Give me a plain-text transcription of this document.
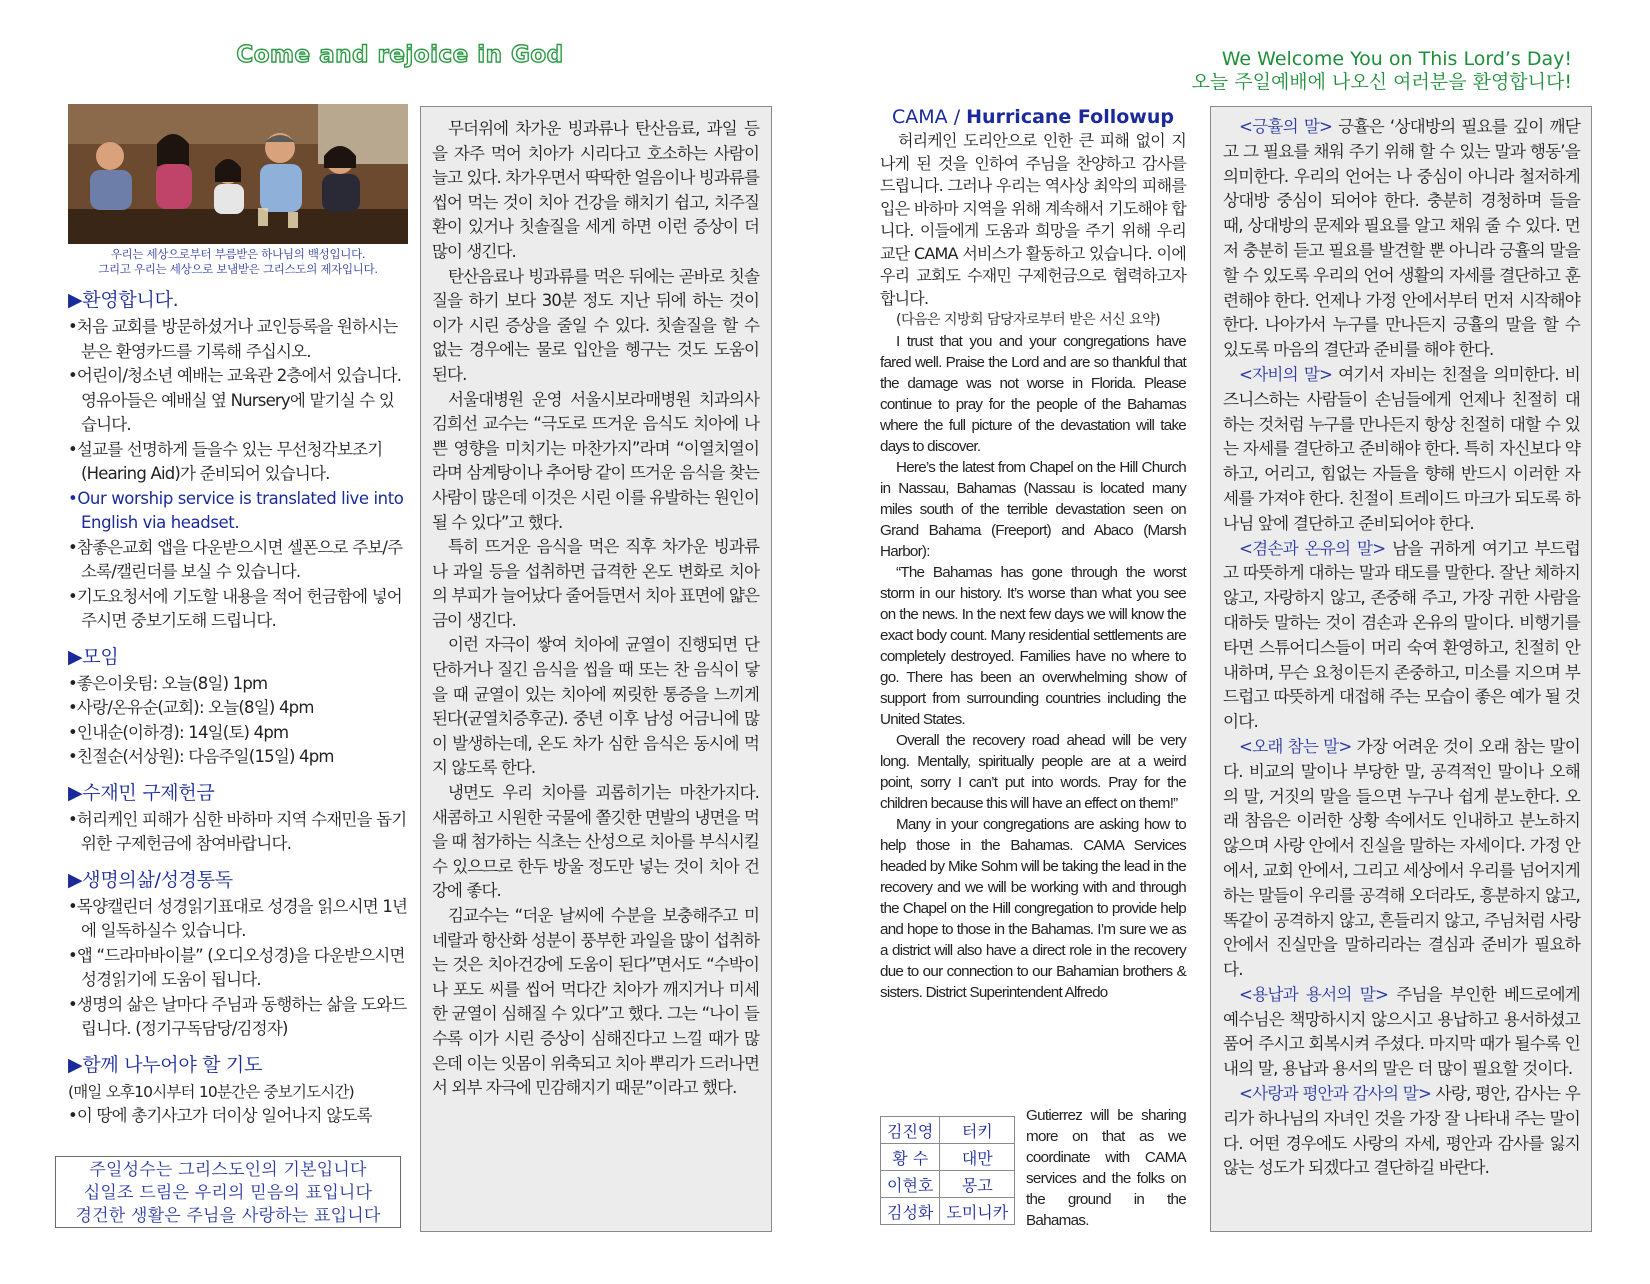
Come and rejoice in God	We Welcome You on This Lord’s Day!
오늘 주일예배에 나오신 여러분을 환영합니다!
우리는 세상으로부터 부름받은 하나님의 백성입니다.
그리고 우리는 세상으로 보냄받은 그리스도의 제자입니다.
▶환영합니다.
•처음 교회를 방문하셨거나 교인등록을 원하시는 분은 환영카드를 기록해 주십시오.
•어린이/청소년 예배는 교육관 2층에서 있습니다. 영유아들은 예배실 옆 Nursery에 맡기실 수 있습니다.
•설교를 선명하게 들을수 있는 무선청각보조기(Hearing Aid)가 준비되어 있습니다.
•Our worship service is translated live into English via headset.
•참좋은교회 앱을 다운받으시면 셀폰으로 주보/주소록/캘린더를 보실 수 있습니다.
•기도요청서에 기도할 내용을 적어 헌금함에 넣어 주시면 중보기도해 드립니다.
▶모임
•좋은이웃팀: 오늘(8일) 1pm
•사랑/온유순(교회): 오늘(8일) 4pm
•인내순(이하경): 14일(토) 4pm
•친절순(서상원): 다음주일(15일) 4pm
▶수재민 구제헌금
•허리케인 피해가 심한 바하마 지역 수재민을 돕기위한 구제헌금에 참여바랍니다.
▶생명의삶/성경통독
•목양캘린더 성경읽기표대로 성경을 읽으시면 1년에 일독하실수 있습니다.
•앱 “드라마바이블” (오디오성경)을 다운받으시면 성경읽기에 도움이 됩니다.
•생명의 삶은 날마다 주님과 동행하는 삶을 도와드립니다. (정기구독담당/김정자)
▶함께 나누어야 할 기도
(매일 오후10시부터 10분간은 중보기도시간)
•이 땅에 총기사고가 더이상 일어나지 않도록
주일성수는 그리스도인의 기본입니다
십일조 드림은 우리의 믿음의 표입니다
경건한 생활은 주님을 사랑하는 표입니다

무더위에 차가운 빙과류나 탄산음료, 과일 등을 자주 먹어 치아가 시리다고 호소하는 사람이 늘고 있다. 차가우면서 딱딱한 얼음이나 빙과류를 씹어 먹는 것이 치아 건강을 해치기 쉽고, 치주질환이 있거나 칫솔질을 세게 하면 이런 증상이 더 많이 생긴다.

탄산음료나 빙과류를 먹은 뒤에는 곧바로 칫솔질을 하기 보다 30분 정도 지난 뒤에 하는 것이 이가 시린 증상을 줄일 수 있다. 칫솔질을 할 수 없는 경우에는 물로 입안을 헹구는 것도 도움이 된다.

서울대병원 운영 서울시보라매병원 치과의사 김희선 교수는 “극도로 뜨거운 음식도 치아에 나쁜 영향을 미치기는 마찬가지”라며 “이열치열이라며 삼계탕이나 추어탕 같이 뜨거운 음식을 찾는 사람이 많은데 이것은 시린 이를 유발하는 원인이 될 수 있다”고 했다.

특히 뜨거운 음식을 먹은 직후 차가운 빙과류나 과일 등을 섭취하면 급격한 온도 변화로 치아의 부피가 늘어났다 줄어들면서 치아 표면에 얇은 금이 생긴다.

이런 자극이 쌓여 치아에 균열이 진행되면 단단하거나 질긴 음식을 씹을 때 또는 찬 음식이 닿을 때 균열이 있는 치아에 찌릿한 통증을 느끼게 된다(균열치증후군). 중년 이후 남성 어금니에 많이 발생하는데, 온도 차가 심한 음식은 동시에 먹지 않도록 한다.

냉면도 우리 치아를 괴롭히기는 마찬가지다. 새콤하고 시원한 국물에 쫄깃한 면발의 냉면을 먹을 때 첨가하는 식초는 산성으로 치아를 부식시킬 수 있으므로 한두 방울 정도만 넣는 것이 치아 건강에 좋다.

김교수는 “더운 날씨에 수분을 보충해주고 미네랄과 항산화 성분이 풍부한 과일을 많이 섭취하는 것은 치아건강에 도움이 된다”면서도 “수박이나 포도 씨를 씹어 먹다간 치아가 깨지거나 미세한 균열이 심해질 수 있다”고 했다. 그는 “나이 들수록 이가 시린 증상이 심해진다고 느낄 때가 많은데 이는 잇몸이 위축되고 치아 뿌리가 드러나면서 외부 자극에 민감해지기 때문”이라고 했다.

CAMA / Hurricane Followup

허리케인 도리안으로 인한 큰 피해 없이 지나게 된 것을 인하여 주님을 찬양하고 감사를 드립니다. 그러나 우리는 역사상 최악의 피해를 입은 바하마 지역을 위해 계속해서 기도해야 합니다. 이들에게 도움과 희망을 주기 위해 우리 교단 CAMA 서비스가 활동하고 있습니다. 이에 우리 교회도 수재민 구제헌금으로 협력하고자 합니다.

(다음은 지방회 담당자로부터 받은 서신 요약)

I trust that you and your congregations have fared well. Praise the Lord and are so thankful that the damage was not worse in Florida. Please continue to pray for the people of the Bahamas where the full picture of the devastation will take days to discover.

Here’s the latest from Chapel on the Hill Church in Nassau, Bahamas (Nassau is located many miles south of the terrible devastation seen on Grand Bahama (Freeport) and Abaco (Marsh Harbor):

“The Bahamas has gone through the worst storm in our history. It’s worse than what you see on the news. In the next few days we will know the exact body count. Many residential settlements are completely destroyed. Families have no where to go. There has been an overwhelming show of support from surrounding countries including the United States.

Overall the recovery road ahead will be very long. Mentally, spiritually people are at a weird point, sorry I can’t put into words. Pray for the children because this will have an effect on them!”

Many in your congregations are asking how to help those in the Bahamas. CAMA Services headed by Mike Sohm will be taking the lead in the recovery and we will be working with and through the Chapel on the Hill congregation to provide help and hope to those in the Bahamas. I’m sure we as a district will also have a direct role in the recovery due to our connection to our Bahamian brothers & sisters. District Superintendent Alfredo

김진영	터키
황 수	대만
이현호	몽고
김성화	도미니카
Gutierrez will be sharing more on that as we coordinate with CAMA services and the folks on the ground in the Bahamas.

<긍휼의 말> 긍휼은 ‘상대방의 필요를 깊이 깨닫고 그 필요를 채워 주기 위해 할 수 있는 말과 행동’을 의미한다. 우리의 언어는 나 중심이 아니라 철저하게 상대방 중심이 되어야 한다. 충분히 경청하며 들을 때, 상대방의 문제와 필요를 알고 채워 줄 수 있다. 먼저 충분히 듣고 필요를 발견할 뿐 아니라 긍휼의 말을 할 수 있도록 우리의 언어 생활의 자세를 결단하고 훈련해야 한다. 언제나 가정 안에서부터 먼저 시작해야 한다. 나아가서 누구를 만나든지 긍휼의 말을 할 수 있도록 마음의 결단과 준비를 해야 한다.

<자비의 말> 여기서 자비는 친절을 의미한다. 비즈니스하는 사람들이 손님들에게 언제나 친절히 대하는 것처럼 누구를 만나든지 항상 친절히 대할 수 있는 자세를 결단하고 준비해야 한다. 특히 자신보다 약하고, 어리고, 힘없는 자들을 향해 반드시 이러한 자세를 가져야 한다. 친절이 트레이드 마크가 되도록 하나님 앞에 결단하고 준비되어야 한다.

<겸손과 온유의 말> 남을 귀하게 여기고 부드럽고 따뜻하게 대하는 말과 태도를 말한다. 잘난 체하지 않고, 자랑하지 않고, 존중해 주고, 가장 귀한 사람을 대하듯 말하는 것이 겸손과 온유의 말이다. 비행기를 타면 스튜어디스들이 머리 숙여 환영하고, 친절히 안내하며, 무슨 요청이든지 존중하고, 미소를 지으며 부드럽고 따뜻하게 대접해 주는 모습이 좋은 예가 될 것이다.

<오래 참는 말> 가장 어려운 것이 오래 참는 말이다. 비교의 말이나 부당한 말, 공격적인 말이나 오해의 말, 거짓의 말을 들으면 누구나 쉽게 분노한다. 오래 참음은 이러한 상황 속에서도 인내하고 분노하지 않으며 사랑 안에서 진실을 말하는 자세이다. 가정 안에서, 교회 안에서, 그리고 세상에서 우리를 넘어지게 하는 말들이 우리를 공격해 오더라도, 흥분하지 않고, 똑같이 공격하지 않고, 흔들리지 않고, 주님처럼 사랑 안에서 진실만을 말하리라는 결심과 준비가 필요하다.

<용납과 용서의 말> 주님을 부인한 베드로에게 예수님은 책망하시지 않으시고 용납하고 용서하셨고 품어 주시고 회복시켜 주셨다. 마지막 때가 될수록 인내의 말, 용납과 용서의 말은 더 많이 필요할 것이다.

<사랑과 평안과 감사의 말> 사랑, 평안, 감사는 우리가 하나님의 자녀인 것을 가장 잘 나타내 주는 말이다. 어떤 경우에도 사랑의 자세, 평안과 감사를 잃지 않는 성도가 되겠다고 결단하길 바란다.
